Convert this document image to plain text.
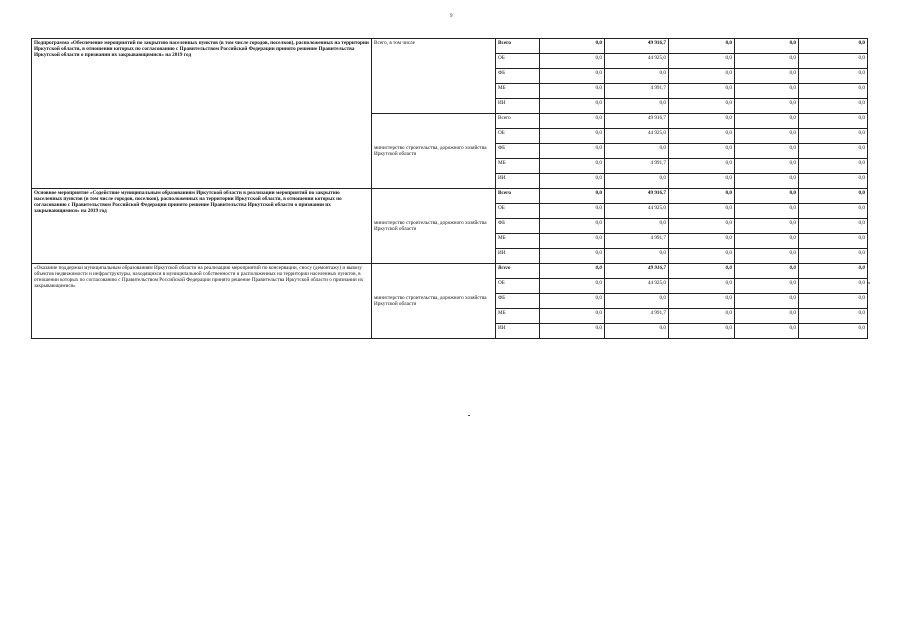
9
Подпрограмма «Обеспечение мероприятий по закрытию населенных пунктов (в том числе городов, поселков), расположенных на территории Иркутской области, в отношении которых по согласованию с Правительством Российской Федерации принято решение Правительства Иркутской области о признании их закрывающимися» на 2019 год	Всего, в том числе	Всего	0,0	49 916,7	0,0	0,0	0,0
		ОБ	0,0	44 925,0	0,0	0,0	0,0
		ФБ	0,0	0,0	0,0	0,0	0,0
		МБ	0,0	4 991,7	0,0	0,0	0,0
		ИИ	0,0	0,0	0,0	0,0	0,0
	министерство строительства, дорожного хозяйства Иркутской области	Всего	0,0	49 916,7	0,0	0,0	0,0
		ОБ	0,0	44 925,0	0,0	0,0	0,0
		ФБ	0,0	0,0	0,0	0,0	0,0
		МБ	0,0	4 991,7	0,0	0,0	0,0
		ИИ	0,0	0,0	0,0	0,0	0,0
Основное мероприятие «Содействие муниципальным образованиям Иркутской области в реализации мероприятий по закрытию населенных пунктов (в том числе городов, поселков), расположенных на территории Иркутской области, в отношении которых по согласованию с Правительством Российской Федерации принято решение Правительства Иркутской области о признании их закрывающимися» на 2019 год	министерство строительства, дорожного хозяйства Иркутской области	Всего	0,0	49 916,7	0,0	0,0	0,0
		ОБ	0,0	44 925,0	0,0	0,0	0,0
		ФБ	0,0	0,0	0,0	0,0	0,0
		МБ	0,0	4 991,7	0,0	0,0	0,0
		ИИ	0,0	0,0	0,0	0,0	0,0
«Оказание поддержки муниципальным образованиям Иркутской области на реализацию мероприятий по консервации, сносу (демонтажу) и вывозу объектов недвижимости и инфраструктуры, находящихся в муниципальной собственности и расположенных на территории населенных пунктов, в отношении которых по согласованию с Правительством Российской Федерации принято решение Правительства Иркутской области о признании их закрывающимися»	министерство строительства, дорожного хозяйства Иркутской области	Всего	0,0	49 916,7	0,0	0,0	0,0
		ОБ	0,0	44 925,0	0,0	0,0	0,0
		ФБ	0,0	0,0	0,0	0,0	0,0
		МБ	0,0	4 991,7	0,0	0,0	0,0
		ИИ	0,0	0,0	0,0	0,0	0,0
»
